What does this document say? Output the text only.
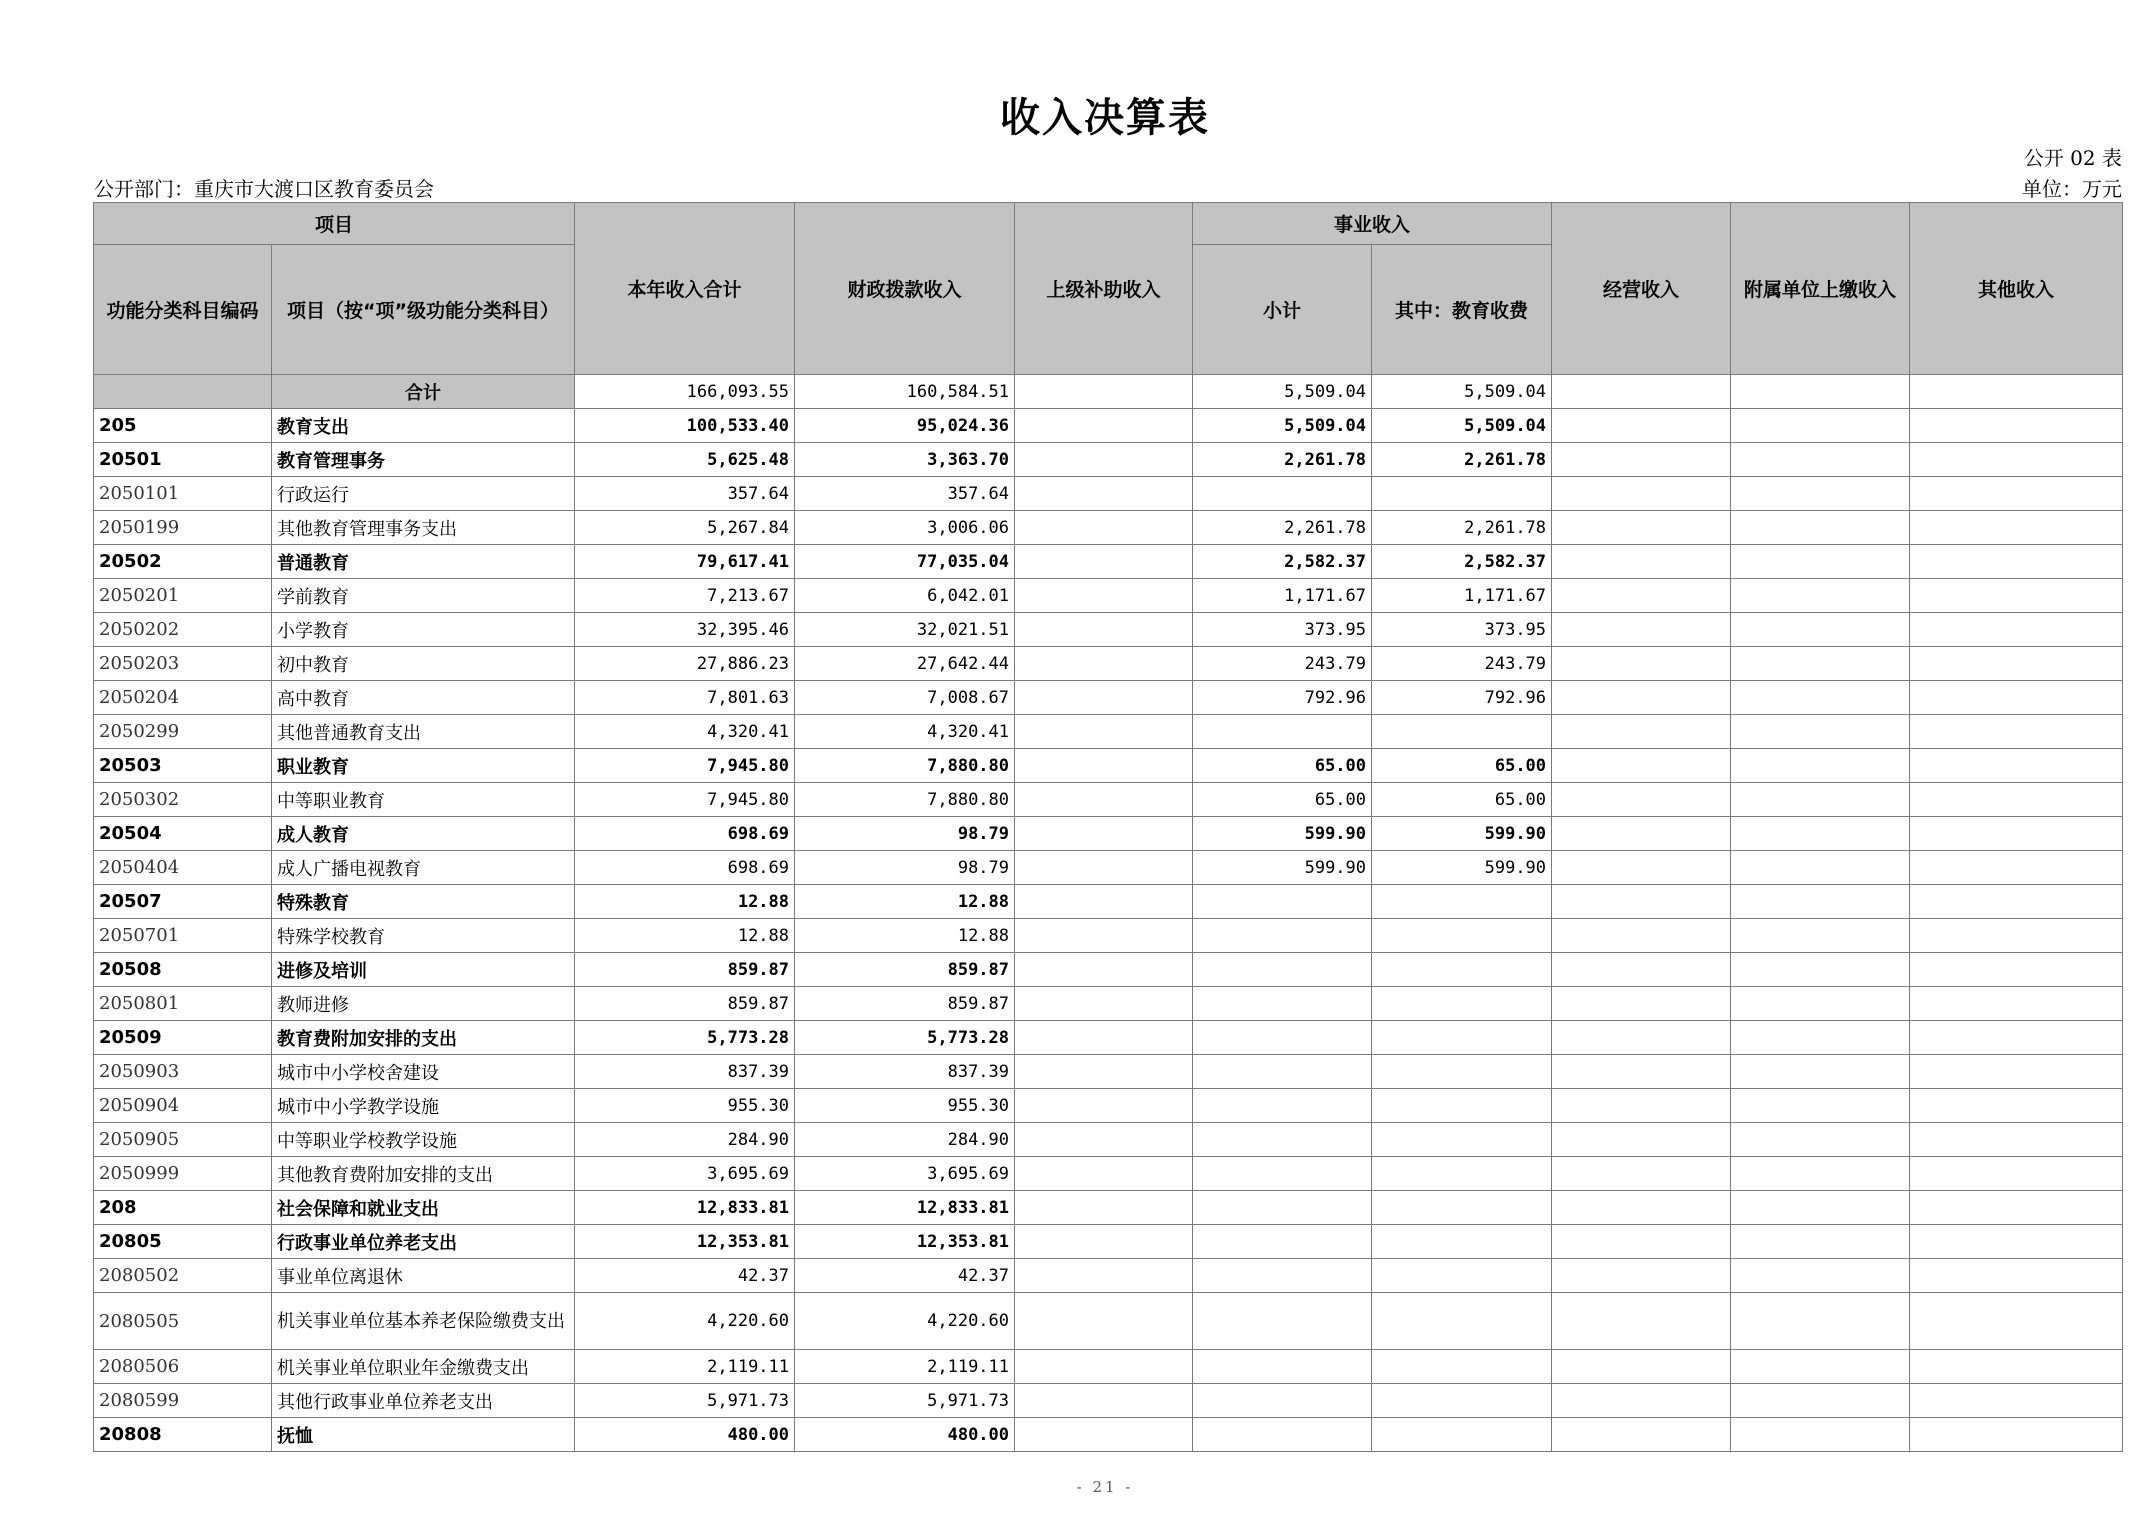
收入决算表
公开 02 表
公开部门：重庆市大渡口区教育委员会	单位：万元
项目		本年收入合计	财政拨款收入	上级补助收入	事业收入		经营收入	附属单位上缴收入	其他收入
功能分类科目编码	项目（按“项”级功能分类科目）				小计	其中：教育收费			
	合计	166,093.55	160,584.51		5,509.04	5,509.04			
205	教育支出	100,533.40	95,024.36		5,509.04	5,509.04			
20501	教育管理事务	5,625.48	3,363.70		2,261.78	2,261.78			
2050101	行政运行	357.64	357.64						
2050199	其他教育管理事务支出	5,267.84	3,006.06		2,261.78	2,261.78			
20502	普通教育	79,617.41	77,035.04		2,582.37	2,582.37			
2050201	学前教育	7,213.67	6,042.01		1,171.67	1,171.67			
2050202	小学教育	32,395.46	32,021.51		373.95	373.95			
2050203	初中教育	27,886.23	27,642.44		243.79	243.79			
2050204	高中教育	7,801.63	7,008.67		792.96	792.96			
2050299	其他普通教育支出	4,320.41	4,320.41						
20503	职业教育	7,945.80	7,880.80		65.00	65.00			
2050302	中等职业教育	7,945.80	7,880.80		65.00	65.00			
20504	成人教育	698.69	98.79		599.90	599.90			
2050404	成人广播电视教育	698.69	98.79		599.90	599.90			
20507	特殊教育	12.88	12.88						
2050701	特殊学校教育	12.88	12.88						
20508	进修及培训	859.87	859.87						
2050801	教师进修	859.87	859.87						
20509	教育费附加安排的支出	5,773.28	5,773.28						
2050903	城市中小学校舍建设	837.39	837.39						
2050904	城市中小学教学设施	955.30	955.30						
2050905	中等职业学校教学设施	284.90	284.90						
2050999	其他教育费附加安排的支出	3,695.69	3,695.69						
208	社会保障和就业支出	12,833.81	12,833.81						
20805	行政事业单位养老支出	12,353.81	12,353.81						
2080502	事业单位离退休	42.37	42.37						
2080505	机关事业单位基本养老保险缴费支出	4,220.60	4,220.60						
2080506	机关事业单位职业年金缴费支出	2,119.11	2,119.11						
2080599	其他行政事业单位养老支出	5,971.73	5,971.73						
20808	抚恤	480.00	480.00						
- 21 -
